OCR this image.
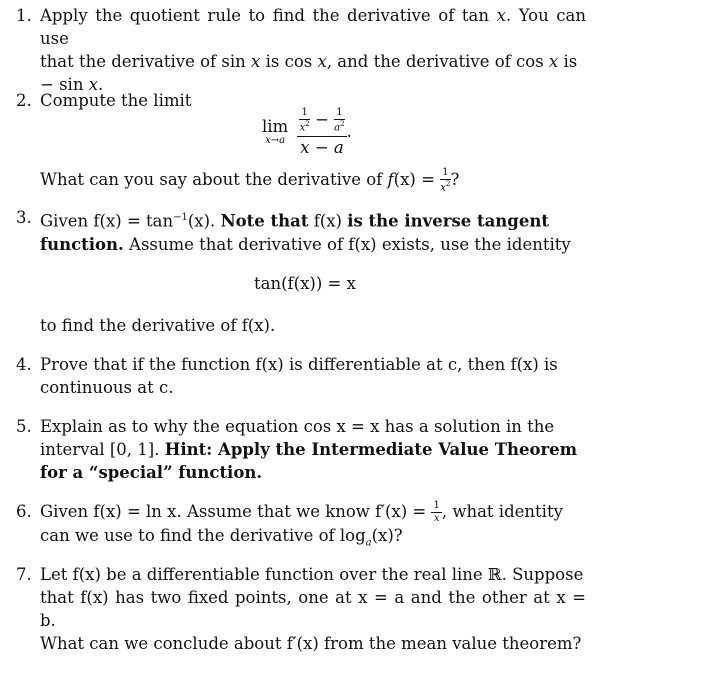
1. Apply the quotient rule to find the derivative of tan x. You can use
that the derivative of sin x is cos x, and the derivative of cos x is
− sin x.
2. Compute the limit
lim
x→a
	$\frac{\frac{1}{x^2} - \frac{1}{a^2}}{x - a}$ .
What can you say about the derivative of $f(x) = \frac{1}{x^2}$ ?
3. Given $f(x) = \tan^{-1}(x)$. Note that f(x) is the inverse tangent
function. Assume that derivative of f(x) exists, use the identity
tan(f(x)) = x
to find the derivative of f(x).
4. Prove that if the function f(x) is differentiable at c, then f(x) is
continuous at c.
5. Explain as to why the equation cos x = x has a solution in the
interval [0, 1]. Hint: Apply the Intermediate Value Theorem
for a “special” function.
6. Given f(x) = ln x. Assume that we know $f'(x) = \frac{1}{x}$ , what identity
can we use to find the derivative of $\log_a(x)$?
7. Let f(x) be a differentiable function over the real line ℝ. Suppose
that f(x) has two fixed points, one at x = a and the other at x = b.
What can we conclude about f′(x) from the mean value theorem?
